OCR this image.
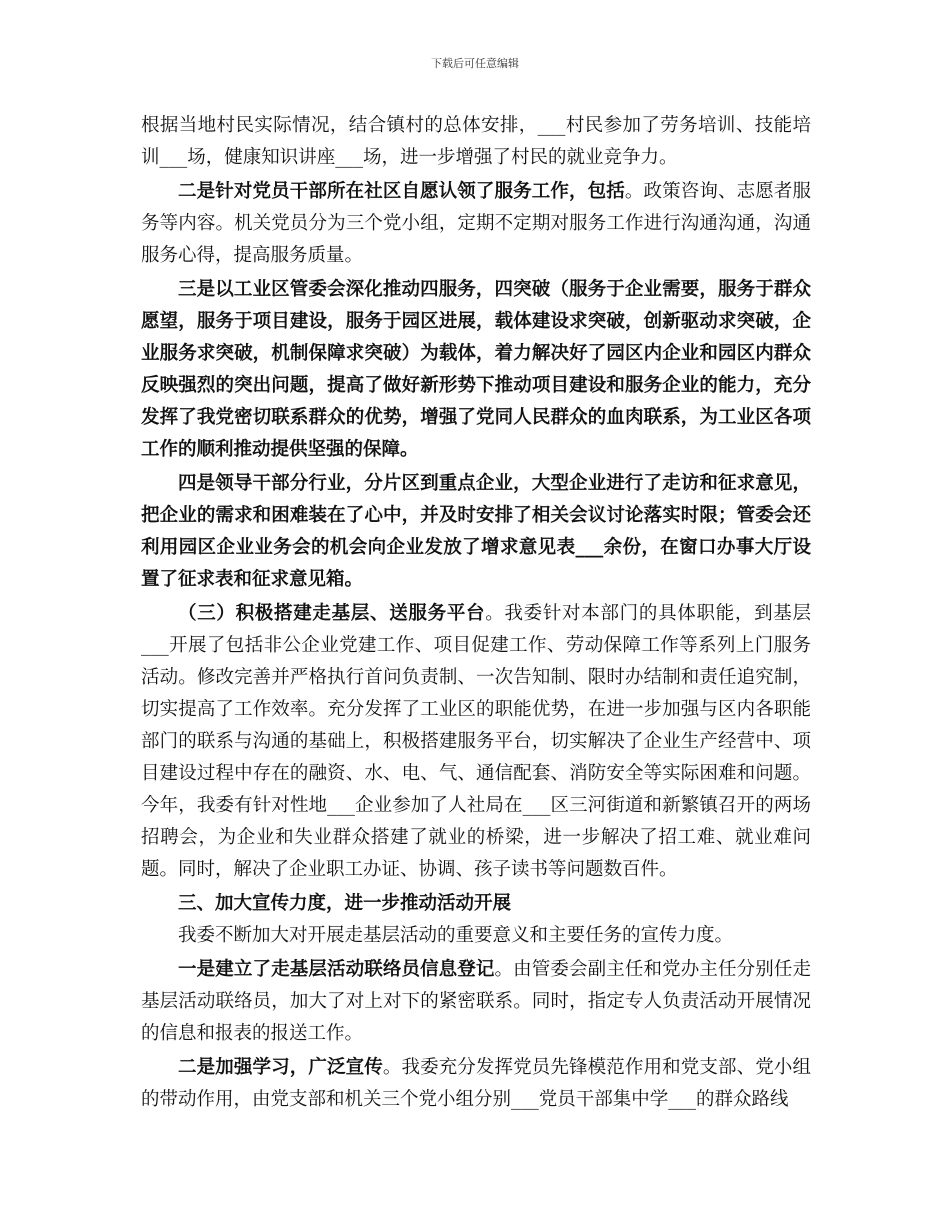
下载后可任意编辑

根据当地村民实际情况，结合镇村的总体安排，___村民参加了劳务培训、技能培训___场，健康知识讲座___场，进一步增强了村民的就业竞争力。

二是针对党员干部所在社区自愿认领了服务工作，包括。政策咨询、志愿者服务等内容。机关党员分为三个党小组，定期不定期对服务工作进行沟通沟通，沟通服务心得，提高服务质量。

三是以工业区管委会深化推动四服务，四突破（服务于企业需要，服务于群众愿望，服务于项目建设，服务于园区进展，载体建设求突破，创新驱动求突破，企业服务求突破，机制保障求突破）为载体，着力解决好了园区内企业和园区内群众反映强烈的突出问题，提高了做好新形势下推动项目建设和服务企业的能力，充分发挥了我党密切联系群众的优势，增强了党同人民群众的血肉联系，为工业区各项工作的顺利推动提供坚强的保障。

四是领导干部分行业，分片区到重点企业，大型企业进行了走访和征求意见，把企业的需求和困难装在了心中，并及时安排了相关会议讨论落实时限；管委会还利用园区企业业务会的机会向企业发放了增求意见表___余份，在窗口办事大厅设置了征求表和征求意见箱。

（三）积极搭建走基层、送服务平台。我委针对本部门的具体职能，到基层___开展了包括非公企业党建工作、项目促建工作、劳动保障工作等系列上门服务活动。修改完善并严格执行首问负责制、一次告知制、限时办结制和责任追究制，切实提高了工作效率。充分发挥了工业区的职能优势，在进一步加强与区内各职能部门的联系与沟通的基础上，积极搭建服务平台，切实解决了企业生产经营中、项目建设过程中存在的融资、水、电、气、通信配套、消防安全等实际困难和问题。今年，我委有针对性地___企业参加了人社局在___区三河街道和新繁镇召开的两场招聘会，为企业和失业群众搭建了就业的桥梁，进一步解决了招工难、就业难问题。同时，解决了企业职工办证、协调、孩子读书等问题数百件。

三、加大宣传力度，进一步推动活动开展

我委不断加大对开展走基层活动的重要意义和主要任务的宣传力度。

一是建立了走基层活动联络员信息登记。由管委会副主任和党办主任分别任走基层活动联络员，加大了对上对下的紧密联系。同时，指定专人负责活动开展情况的信息和报表的报送工作。

二是加强学习，广泛宣传。我委充分发挥党员先锋模范作用和党支部、党小组的带动作用，由党支部和机关三个党小组分别___党员干部集中学___的群众路线
